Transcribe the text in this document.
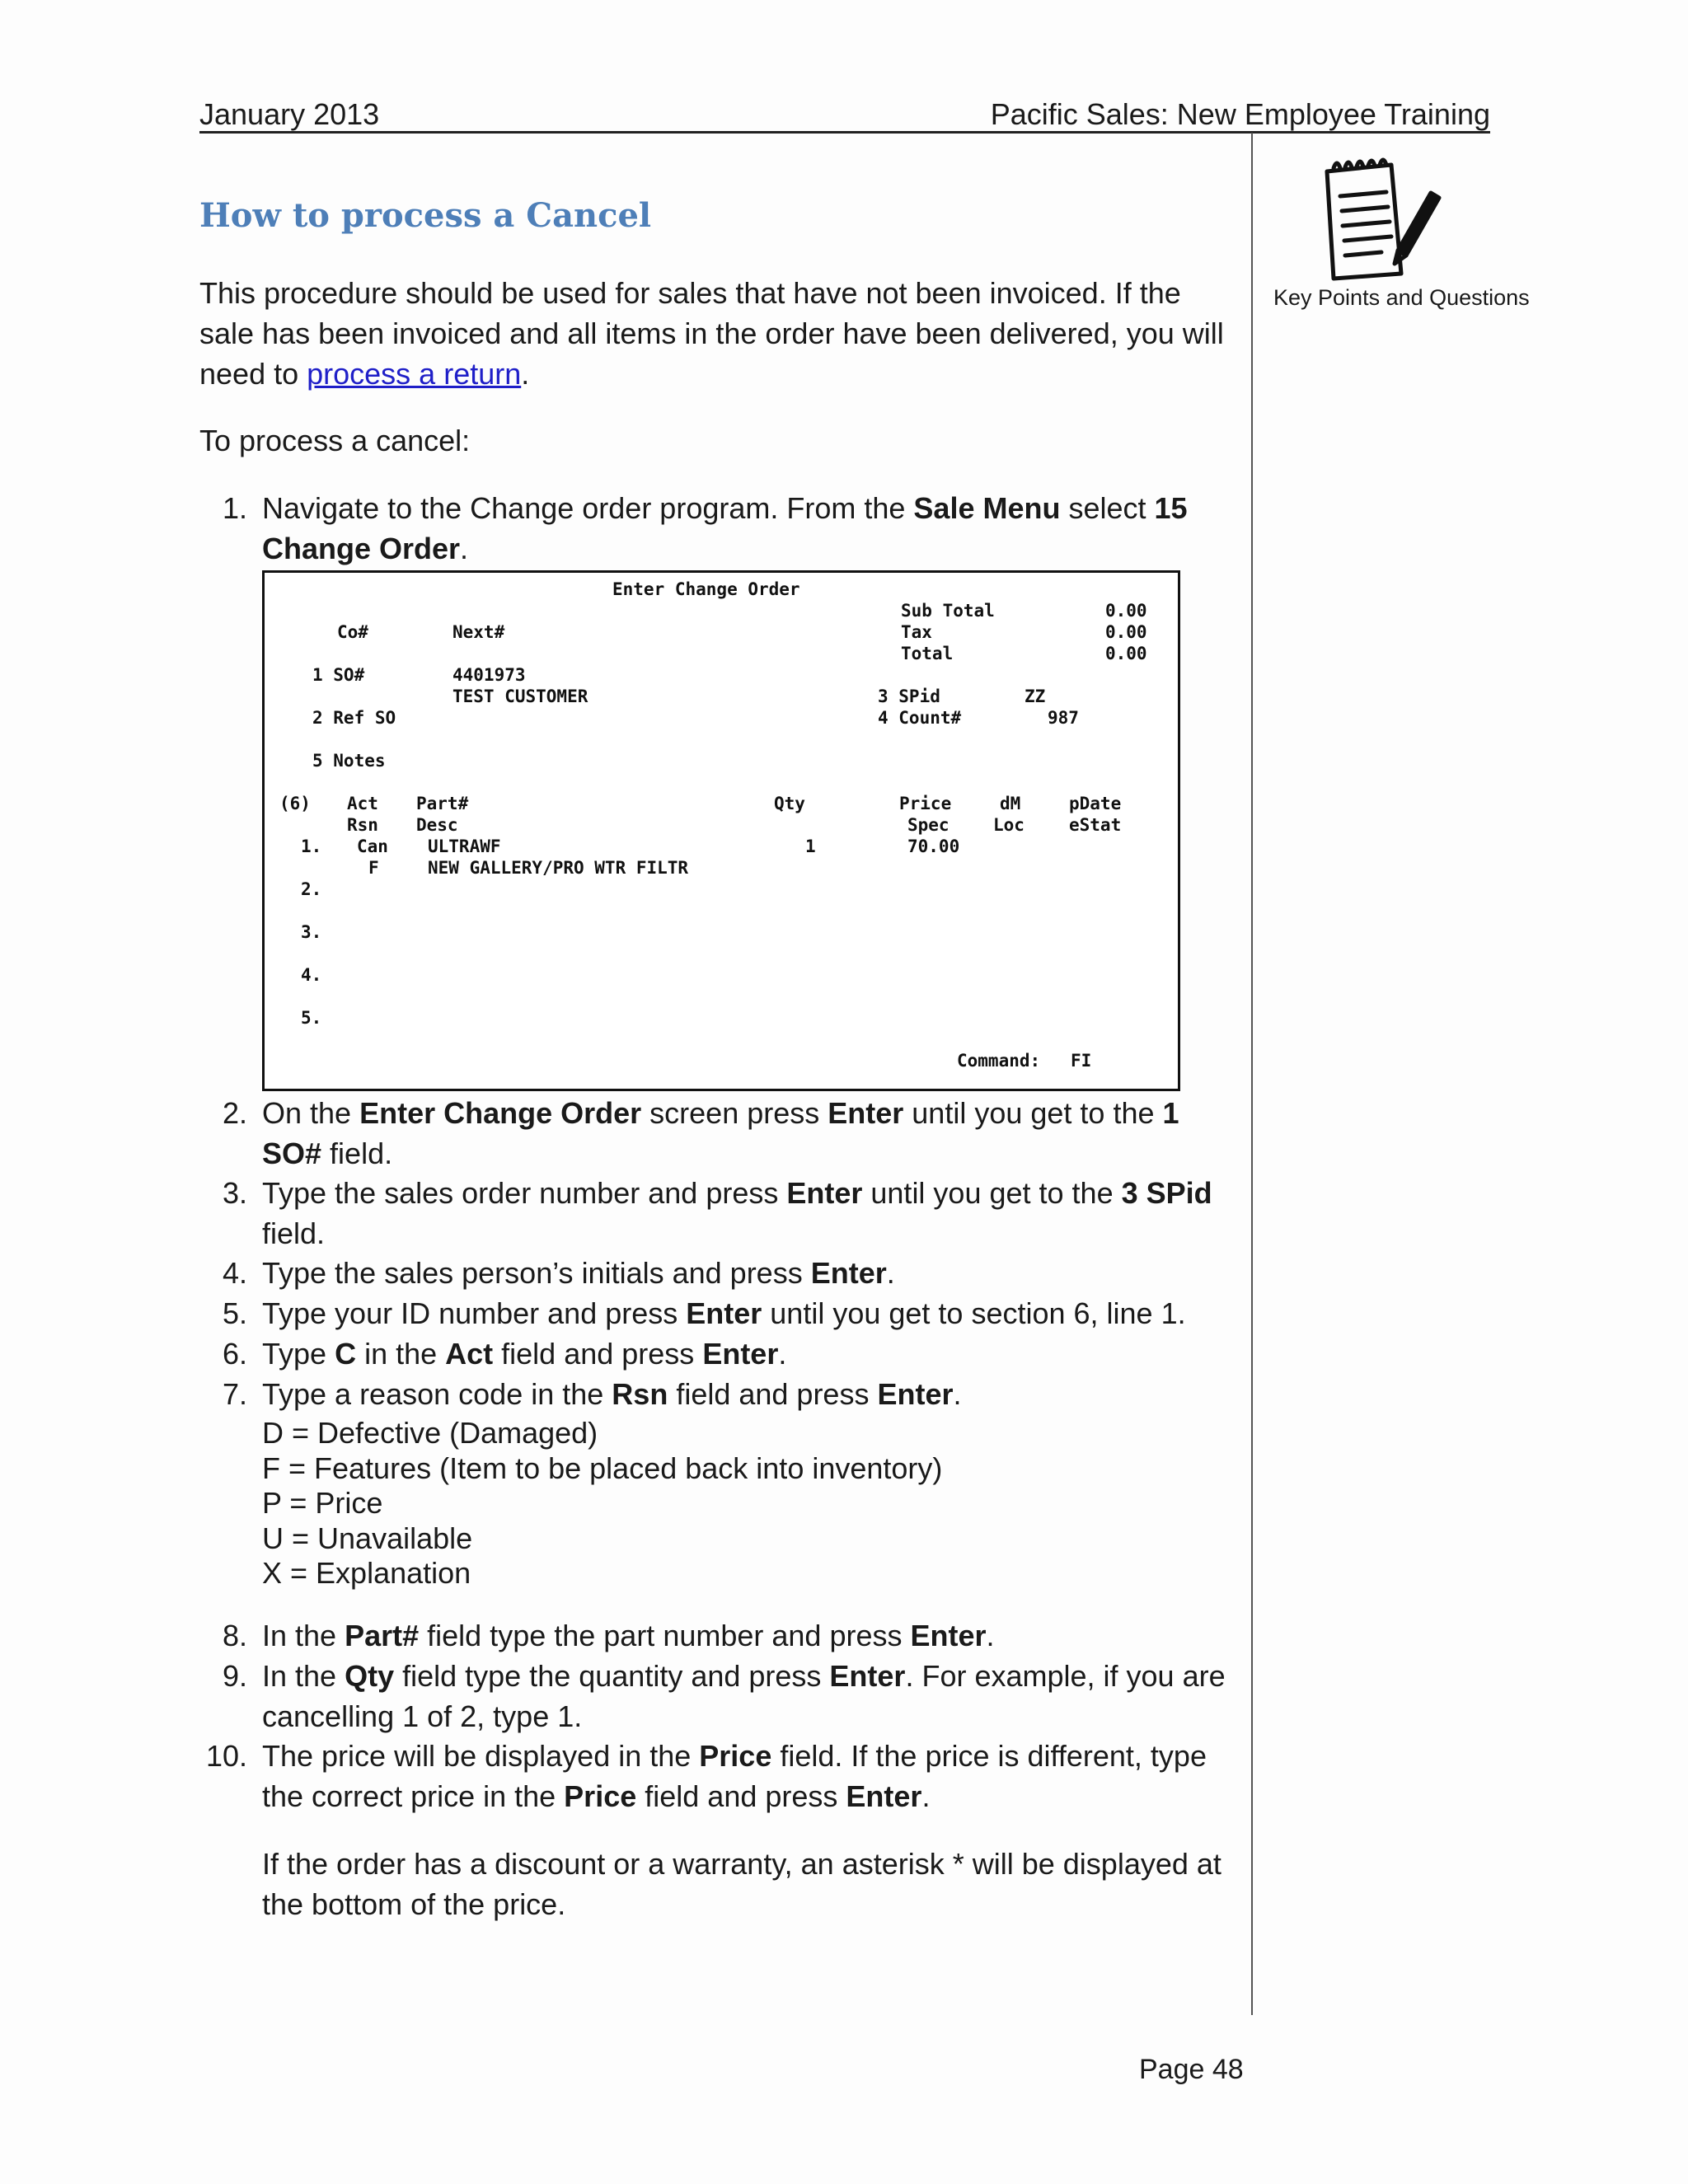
January 2013	Pacific Sales: New Employee Training
Key Points and Questions
How to process a Cancel
This procedure should be used for sales that have not been invoiced. If the sale has been invoiced and all items in the order have been delivered, you will need to process a return.
To process a cancel:
1. Navigate to the Change order program. From the Sale Menu select 15 Change Order.
Enter Change Order
Sub Total	0.00
Co#	Next#	Tax	0.00
Total	0.00
1 SO#	4401973
TEST CUSTOMER	3 SPid	ZZ
2 Ref SO	4 Count#	987
5 Notes
(6) Act Part#	Qty	Price	dM	pDate
Rsn Desc	Spec	Loc	eStat
1. Can ULTRAWF	1	70.00
F	NEW GALLERY/PRO WTR FILTR
2.
3.
4.
5.
Command: FI
2. On the Enter Change Order screen press Enter until you get to the 1 SO# field.
3. Type the sales order number and press Enter until you get to the 3 SPid field.
4. Type the sales person’s initials and press Enter.
5. Type your ID number and press Enter until you get to section 6, line 1.
6. Type C in the Act field and press Enter.
7. Type a reason code in the Rsn field and press Enter.
D = Defective (Damaged)
F = Features (Item to be placed back into inventory)
P = Price
U = Unavailable
X = Explanation
8. In the Part# field type the part number and press Enter.
9. In the Qty field type the quantity and press Enter. For example, if you are cancelling 1 of 2, type 1.
10. The price will be displayed in the Price field. If the price is different, type the correct price in the Price field and press Enter.
If the order has a discount or a warranty, an asterisk * will be displayed at the bottom of the price.
Page 48
